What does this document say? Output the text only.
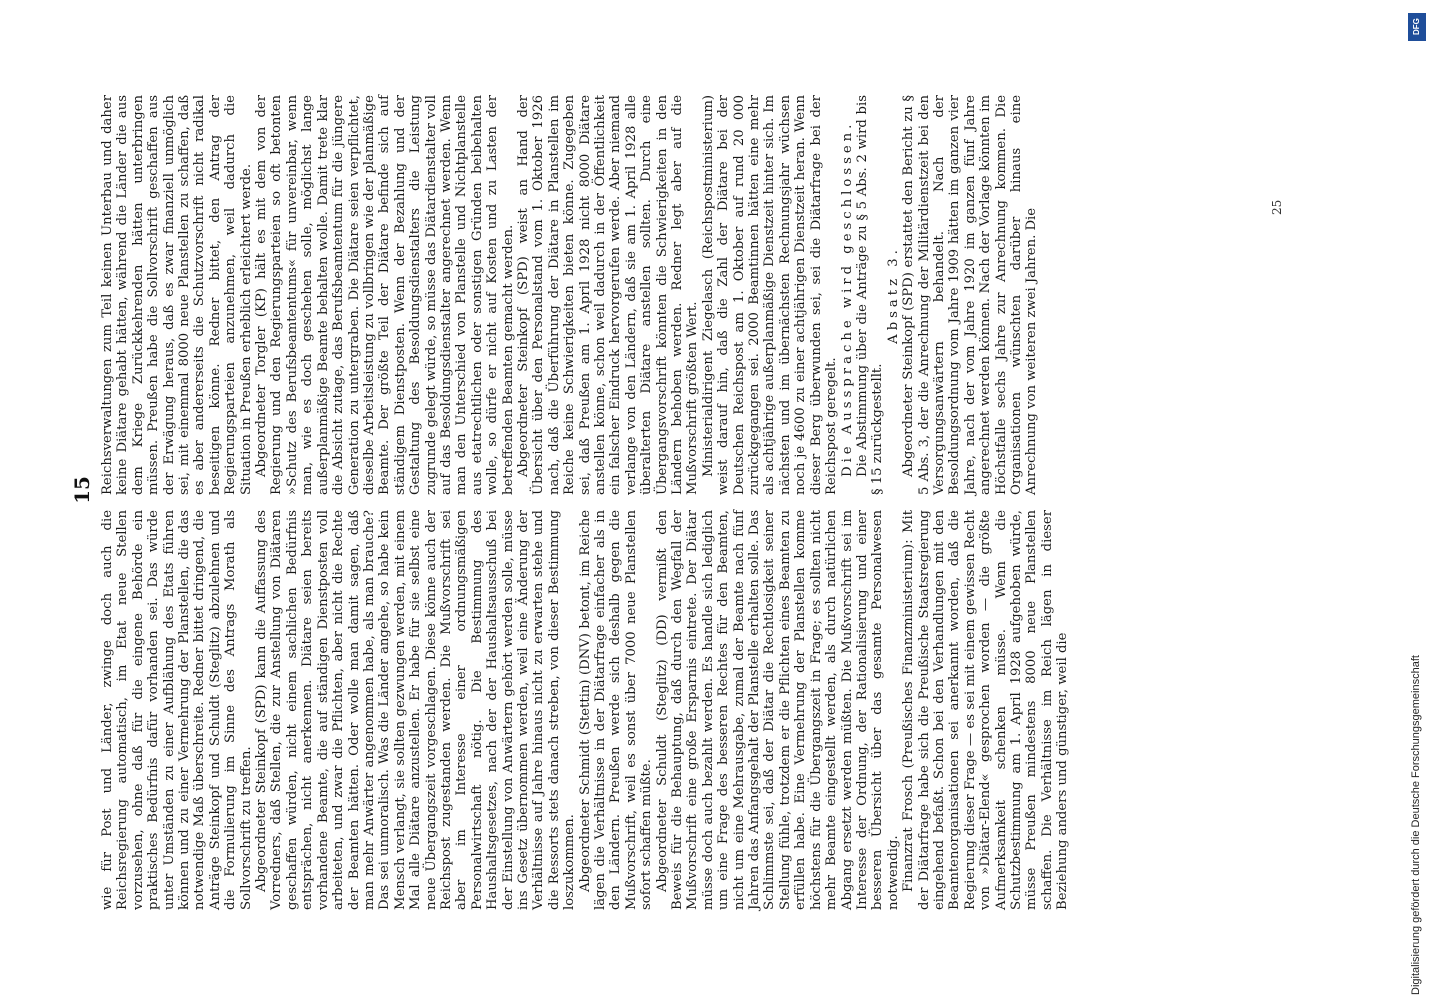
15

wie für Post und Länder, zwinge doch auch die Reichsregierung automatisch, im Etat neue Stellen vorzusehen, ohne daß für die eingene Behörde ein praktisches Bedürfnis dafür vorhanden sei. Das würde unter Umständen zu einer Aufblähung des Etats führen können und zu einer Vermehrung der Planstellen, die das notwendige Maß überschreite. Redner bittet dringend, die Anträge Steinkopf und Schuldt (Steglitz) abzulehnen und die Formulierung im Sinne des Antrags Morath als Sollvorschrift zu treffen. Abgeordneter Steinkopf (SPD) kann die Auffassung des Vorredners, daß Stellen, die zur Anstellung von Diätaren geschaffen würden, nicht einem sachlichen Bedürfnis entsprächen, nicht anerkennen. Diätare seien bereits vorhandene Beamte, die auf ständigen Dienstposten voll arbeiteten, und zwar die Pflichten, aber nicht die Rechte der Beamten hätten. Oder wolle man damit sagen, daß man mehr Anwärter angenommen habe, als man brauche? Das sei unmoralisch. Was die Länder angehe, so habe kein Mensch verlangt, sie sollten gezwungen werden, mit einem Mal alle Diätare anzustellen. Er habe für sie selbst eine neue Übergangszeit vorgeschlagen. Diese könne auch der Reichspost zugestanden werden. Die Mußvorschrift sei aber im Interesse einer ordnungsmäßigen Personalwirtschaft nötig. Die Bestimmung des Haushaltsgesetzes, nach der der Haushaltsausschuß bei der Einstellung von Anwärtern gehört werden solle, müsse ins Gesetz übernommen werden, weil eine Änderung der Verhältnisse auf Jahre hinaus nicht zu erwarten stehe und die Ressorts stets danach streben, von dieser Bestimmung loszukommen. Abgeordneter Schmidt (Stettin) (DNV) betont, im Reiche lägen die Verhältnisse in der Diätarfrage einfacher als in den Ländern. Preußen werde sich deshalb gegen die Mußvorschrift, weil es sonst über 7000 neue Planstellen sofort schaffen müßte. Abgeordneter Schuldt (Steglitz) (DD) vermißt den Beweis für die Behauptung, daß durch den Wegfall der Mußvorschrift eine große Ersparnis eintrete. Der Diätar müsse doch auch bezahlt werden. Es handle sich lediglich um eine Frage des besseren Rechtes für den Beamten, nicht um eine Mehrausgabe, zumal der Beamte nach fünf Jahren das Anfangsgehalt der Planstelle erhalten solle. Das Schlimmste sei, daß der Diätar die Rechtlosigkeit seiner Stellung fühle, trotzdem er die Pflichten eines Beamten zu erfüllen habe. Eine Vermehrung der Planstellen komme höchstens für die Übergangszeit in Frage; es sollten nicht mehr Beamte eingestellt werden, als durch natürlichen Abgang ersetzt werden müßten. Die Mußvorschrift sei im Interesse der Ordnung, der Rationalisierung und einer besseren Übersicht über das gesamte Personalwesen notwendig. Finanzrat Frosch (Preußisches Finanzministerium): Mit der Diätarfrage habe sich die Preußische Staatsregierung eingehend befaßt. Schon bei den Verhandlungen mit den Beamtenorganisationen sei anerkannt worden, daß die Regierung dieser Frage — es sei mit einem gewissen Recht von »Diätar-Elend« gesprochen worden — die größte Aufmerksamkeit schenken müsse. Wenn die Schutzbestimmung am 1. April 1928 aufgehoben würde, müsse Preußen mindestens 8000 neue Planstellen schaffen. Die Verhältnisse im Reich lägen in dieser Beziehung anders und günstiger, weil die

Reichsverwaltungen zum Teil keinen Unterbau und daher keine Diätare gehabt hätten, während die Länder die aus dem Kriege Zurückkehrenden hätten unterbringen müssen. Preußen habe die Sollvorschrift geschaffen aus der Erwägung heraus, daß es zwar finanziell unmöglich sei, mit einemmal 8000 neue Planstellen zu schaffen, daß es aber andererseits die Schutzvorschrift nicht radikal beseitigen könne. Redner bittet, den Antrag der Regierungsparteien anzunehmen, weil dadurch die Situation in Preußen erheblich erleichtert werde. Abgeordneter Torgler (KP) hält es mit dem von der Regierung und den Regierungsparteien so oft betonten »Schutz des Berufsbeamtentums« für unvereinbar, wenn man, wie es doch geschehen solle, möglichst lange außerplanmäßige Beamte behalten wolle. Damit trete klar die Absicht zutage, das Berufsbeamtentum für die jüngere Generation zu untergraben. Die Diätare seien verpflichtet, dieselbe Arbeitsleistung zu vollbringen wie der planmäßige Beamte. Der größte Teil der Diätare befinde sich auf ständigem Dienstposten. Wenn der Bezahlung und der Gestaltung des Besoldungsdienstalters die Leistung zugrunde gelegt würde, so müsse das Diätardienstalter voll auf das Besoldungsdienstalter angerechnet werden. Wenn man den Unterschied von Planstelle und Nichtplanstelle aus etatrechtlichen oder sonstigen Gründen beibehalten wolle, so dürfe er nicht auf Kosten und zu Lasten der betreffenden Beamten gemacht werden. Abgeordneter Steinkopf (SPD) weist an Hand der Übersicht über den Personalstand vom 1. Oktober 1926 nach, daß die Überführung der Diätare in Planstellen im Reiche keine Schwierigkeiten bieten könne. Zugegeben sei, daß Preußen am 1. April 1928 nicht 8000 Diätare anstellen könne, schon weil dadurch in der Öffentlichkeit ein falscher Eindruck hervorgerufen werde. Aber niemand verlange von den Ländern, daß sie am 1. April 1928 alle überalterten Diätare anstellen sollten. Durch eine Übergangsvorschrift könnten die Schwierigkeiten in den Ländern behoben werden. Redner legt aber auf die Mußvorschrift größten Wert. Ministerialdirigent Ziegelasch (Reichspostministerium) weist darauf hin, daß die Zahl der Diätare bei der Deutschen Reichspost am 1. Oktober auf rund 20 000 zurückgegangen sei. 2000 Beamtinnen hätten eine mehr als achtjährige außerplanmäßige Dienstzeit hinter sich. Im nächsten und im übernächsten Rechnungsjahr wüchsen noch je 4600 zu einer achtjährigen Dienstzeit heran. Wenn dieser Berg überwunden sei, sei die Diätarfrage bei der Reichspost geregelt. Die Aussprache wird geschlossen. Die Abstimmung über die Anträge zu § 5 Abs. 2 wird bis § 15 zurückgestellt.

Absatz 3. Abgeordneter Steinkopf (SPD) erstattet den Bericht zu § 5 Abs. 3, der die Anrechnung der Militärdienstzeit bei den Versorgungsanwärtern behandelt. Nach der Besoldungsordnung vom Jahre 1909 hätten im ganzen vier Jahre, nach der vom Jahre 1920 im ganzen fünf Jahre angerechnet werden können. Nach der Vorlage könnten im Höchstfalle sechs Jahre zur Anrechnung kommen. Die Organisationen wünschten darüber hinaus eine Anrechnung von weiteren zwei Jahren. Die

25
DFG
Digitalisierung gefördert durch die Deutsche Forschungsgemeinschaft
